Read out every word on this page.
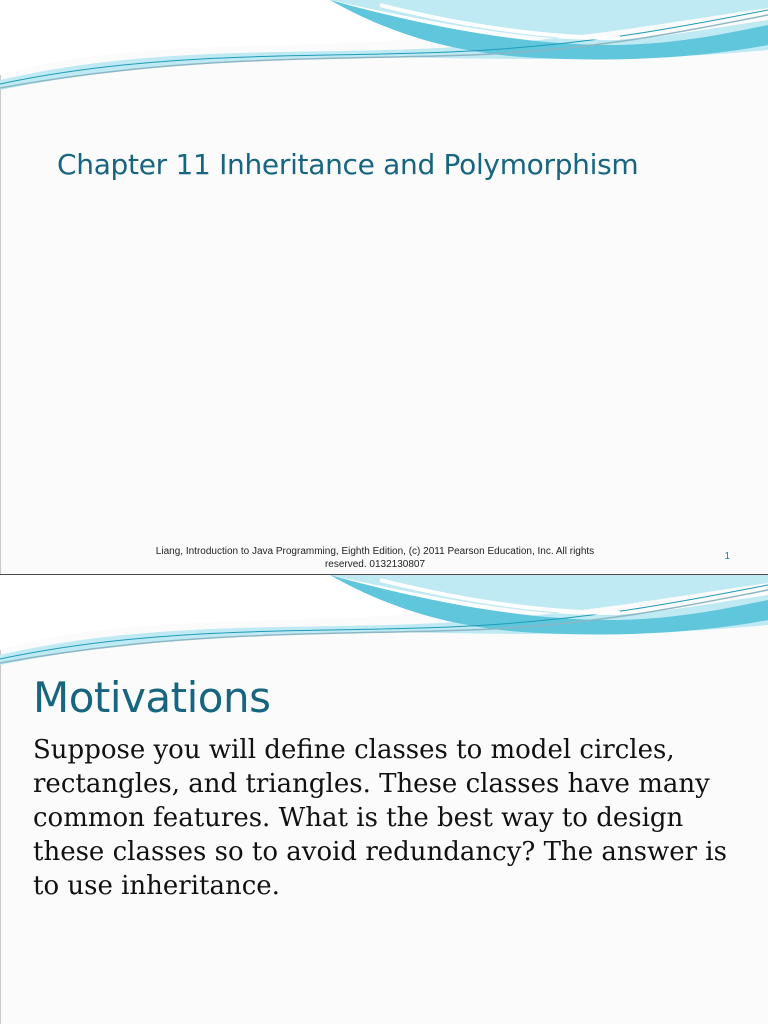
Chapter 11 Inheritance and Polymorphism
Liang, Introduction to Java Programming, Eighth Edition, (c) 2011 Pearson Education, Inc. All rights reserved. 0132130807
1
Motivations

Suppose you will define classes to model circles, rectangles, and triangles. These classes have many common features. What is the best way to design these classes so to avoid redundancy? The answer is to use inheritance.
